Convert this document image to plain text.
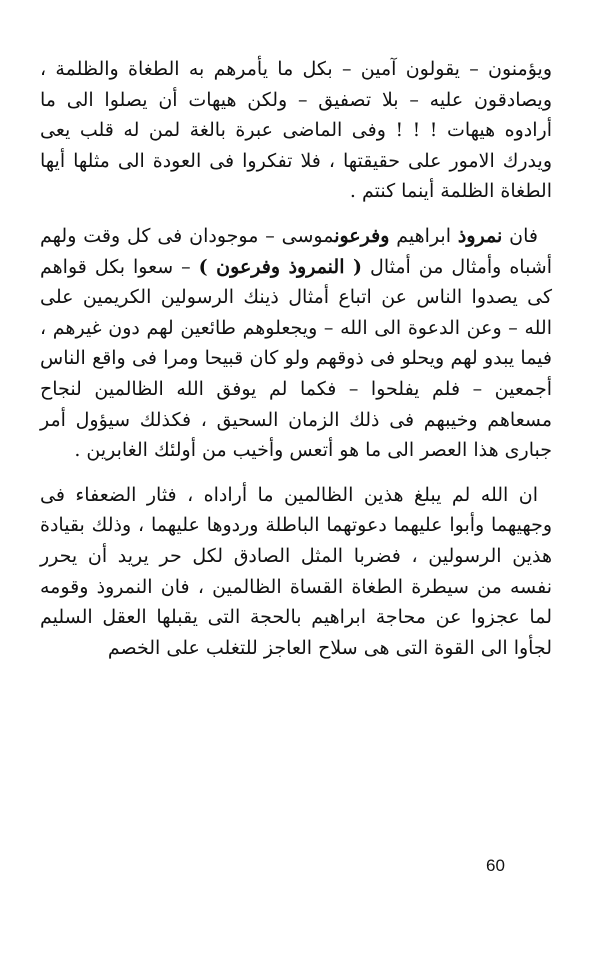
ويؤمنون – يقولون آمين – بكل ما يأمرهم به الطغاة والظلمة ، ويصادقون عليه – بلا تصفيق – ولكن هيهات أن يصلوا الى ما أرادوه هيهات ! ! ! وفى الماضى عبرة بالغة لمن له قلب يعى ويدرك الامور على حقيقتها ، فلا تفكروا فى العودة الى مثلها أيها الطغاة الظلمة أينما كنتم .

فان نمروذ ابراهيم وفرعونموسى – موجودان فى كل وقت ولهم أشباه وأمثال من أمثال ( النمروذ وفرعون ) – سعوا بكل قواهم كى يصدوا الناس عن اتباع أمثال ذينك الرسولين الكريمين على الله – وعن الدعوة الى الله – ويجعلوهم طائعين لهم دون غيرهم ، فيما يبدو لهم ويحلو فى ذوقهم ولو كان قبيحا ومرا فى واقع الناس أجمعين – فلم يفلحوا – فكما لم يوفق الله الظالمين لنجاح مسعاهم وخيبهم فى ذلك الزمان السحيق ، فكذلك سيؤول أمر جبارى هذا العصر الى ما هو أتعس وأخيب من أولئك الغابرين .

ان الله لم يبلغ هذين الظالمين ما أراداه ، فثار الضعفاء فى وجهيهما وأبوا عليهما دعوتهما الباطلة وردوها عليهما ، وذلك بقيادة هذين الرسولين ، فضربا المثل الصادق لكل حر يريد أن يحرر نفسه من سيطرة الطغاة القساة الظالمين ، فان النمروذ وقومه لما عجزوا عن محاجة ابراهيم بالحجة التى يقبلها العقل السليم لجأوا الى القوة التى هى سلاح العاجز للتغلب على الخصم

60
